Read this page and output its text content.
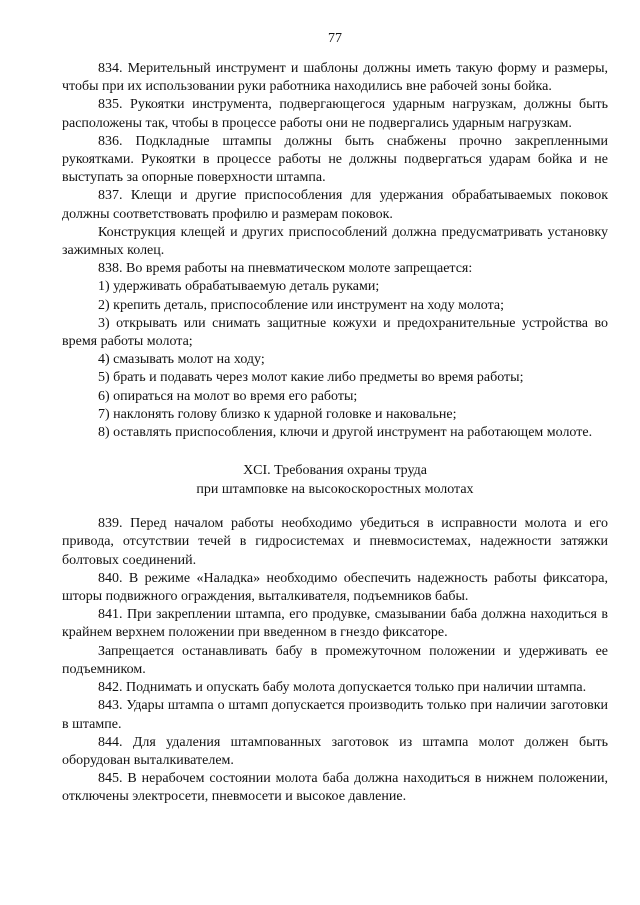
77

834. Мерительный инструмент и шаблоны должны иметь такую форму и размеры, чтобы при их использовании руки работника находились вне рабочей зоны бойка.

835. Рукоятки инструмента, подвергающегося ударным нагрузкам, должны быть расположены так, чтобы в процессе работы они не подвергались ударным нагрузкам.

836. Подкладные штампы должны быть снабжены прочно закрепленными рукоятками. Рукоятки в процессе работы не должны подвергаться ударам бойка и не выступать за опорные поверхности штампа.

837. Клещи и другие приспособления для удержания обрабатываемых поковок должны соответствовать профилю и размерам поковок.

Конструкция клещей и других приспособлений должна предусматривать установку зажимных колец.

838. Во время работы на пневматическом молоте запрещается:

1) удерживать обрабатываемую деталь руками;

2) крепить деталь, приспособление или инструмент на ходу молота;

3) открывать или снимать защитные кожухи и предохранительные устройства во время работы молота;

4) смазывать молот на ходу;

5) брать и подавать через молот какие либо предметы во время работы;

6) опираться на молот во время его работы;

7) наклонять голову близко к ударной головке и наковальне;

8) оставлять приспособления, ключи и другой инструмент на работающем молоте.

XCI. Требования охраны труда
при штамповке на высокоскоростных молотах

839. Перед началом работы необходимо убедиться в исправности молота и его привода, отсутствии течей в гидросистемах и пневмосистемах, надежности затяжки болтовых соединений.

840. В режиме «Наладка» необходимо обеспечить надежность работы фиксатора, шторы подвижного ограждения, выталкивателя, подъемников бабы.

841. При закреплении штампа, его продувке, смазывании баба должна находиться в крайнем верхнем положении при введенном в гнездо фиксаторе.

Запрещается останавливать бабу в промежуточном положении и удерживать ее подъемником.

842. Поднимать и опускать бабу молота допускается только при наличии штампа.

843. Удары штампа о штамп допускается производить только при наличии заготовки в штампе.

844. Для удаления штампованных заготовок из штампа молот должен быть оборудован выталкивателем.

845. В нерабочем состоянии молота баба должна находиться в нижнем положении, отключены электросети, пневмосети и высокое давление.
